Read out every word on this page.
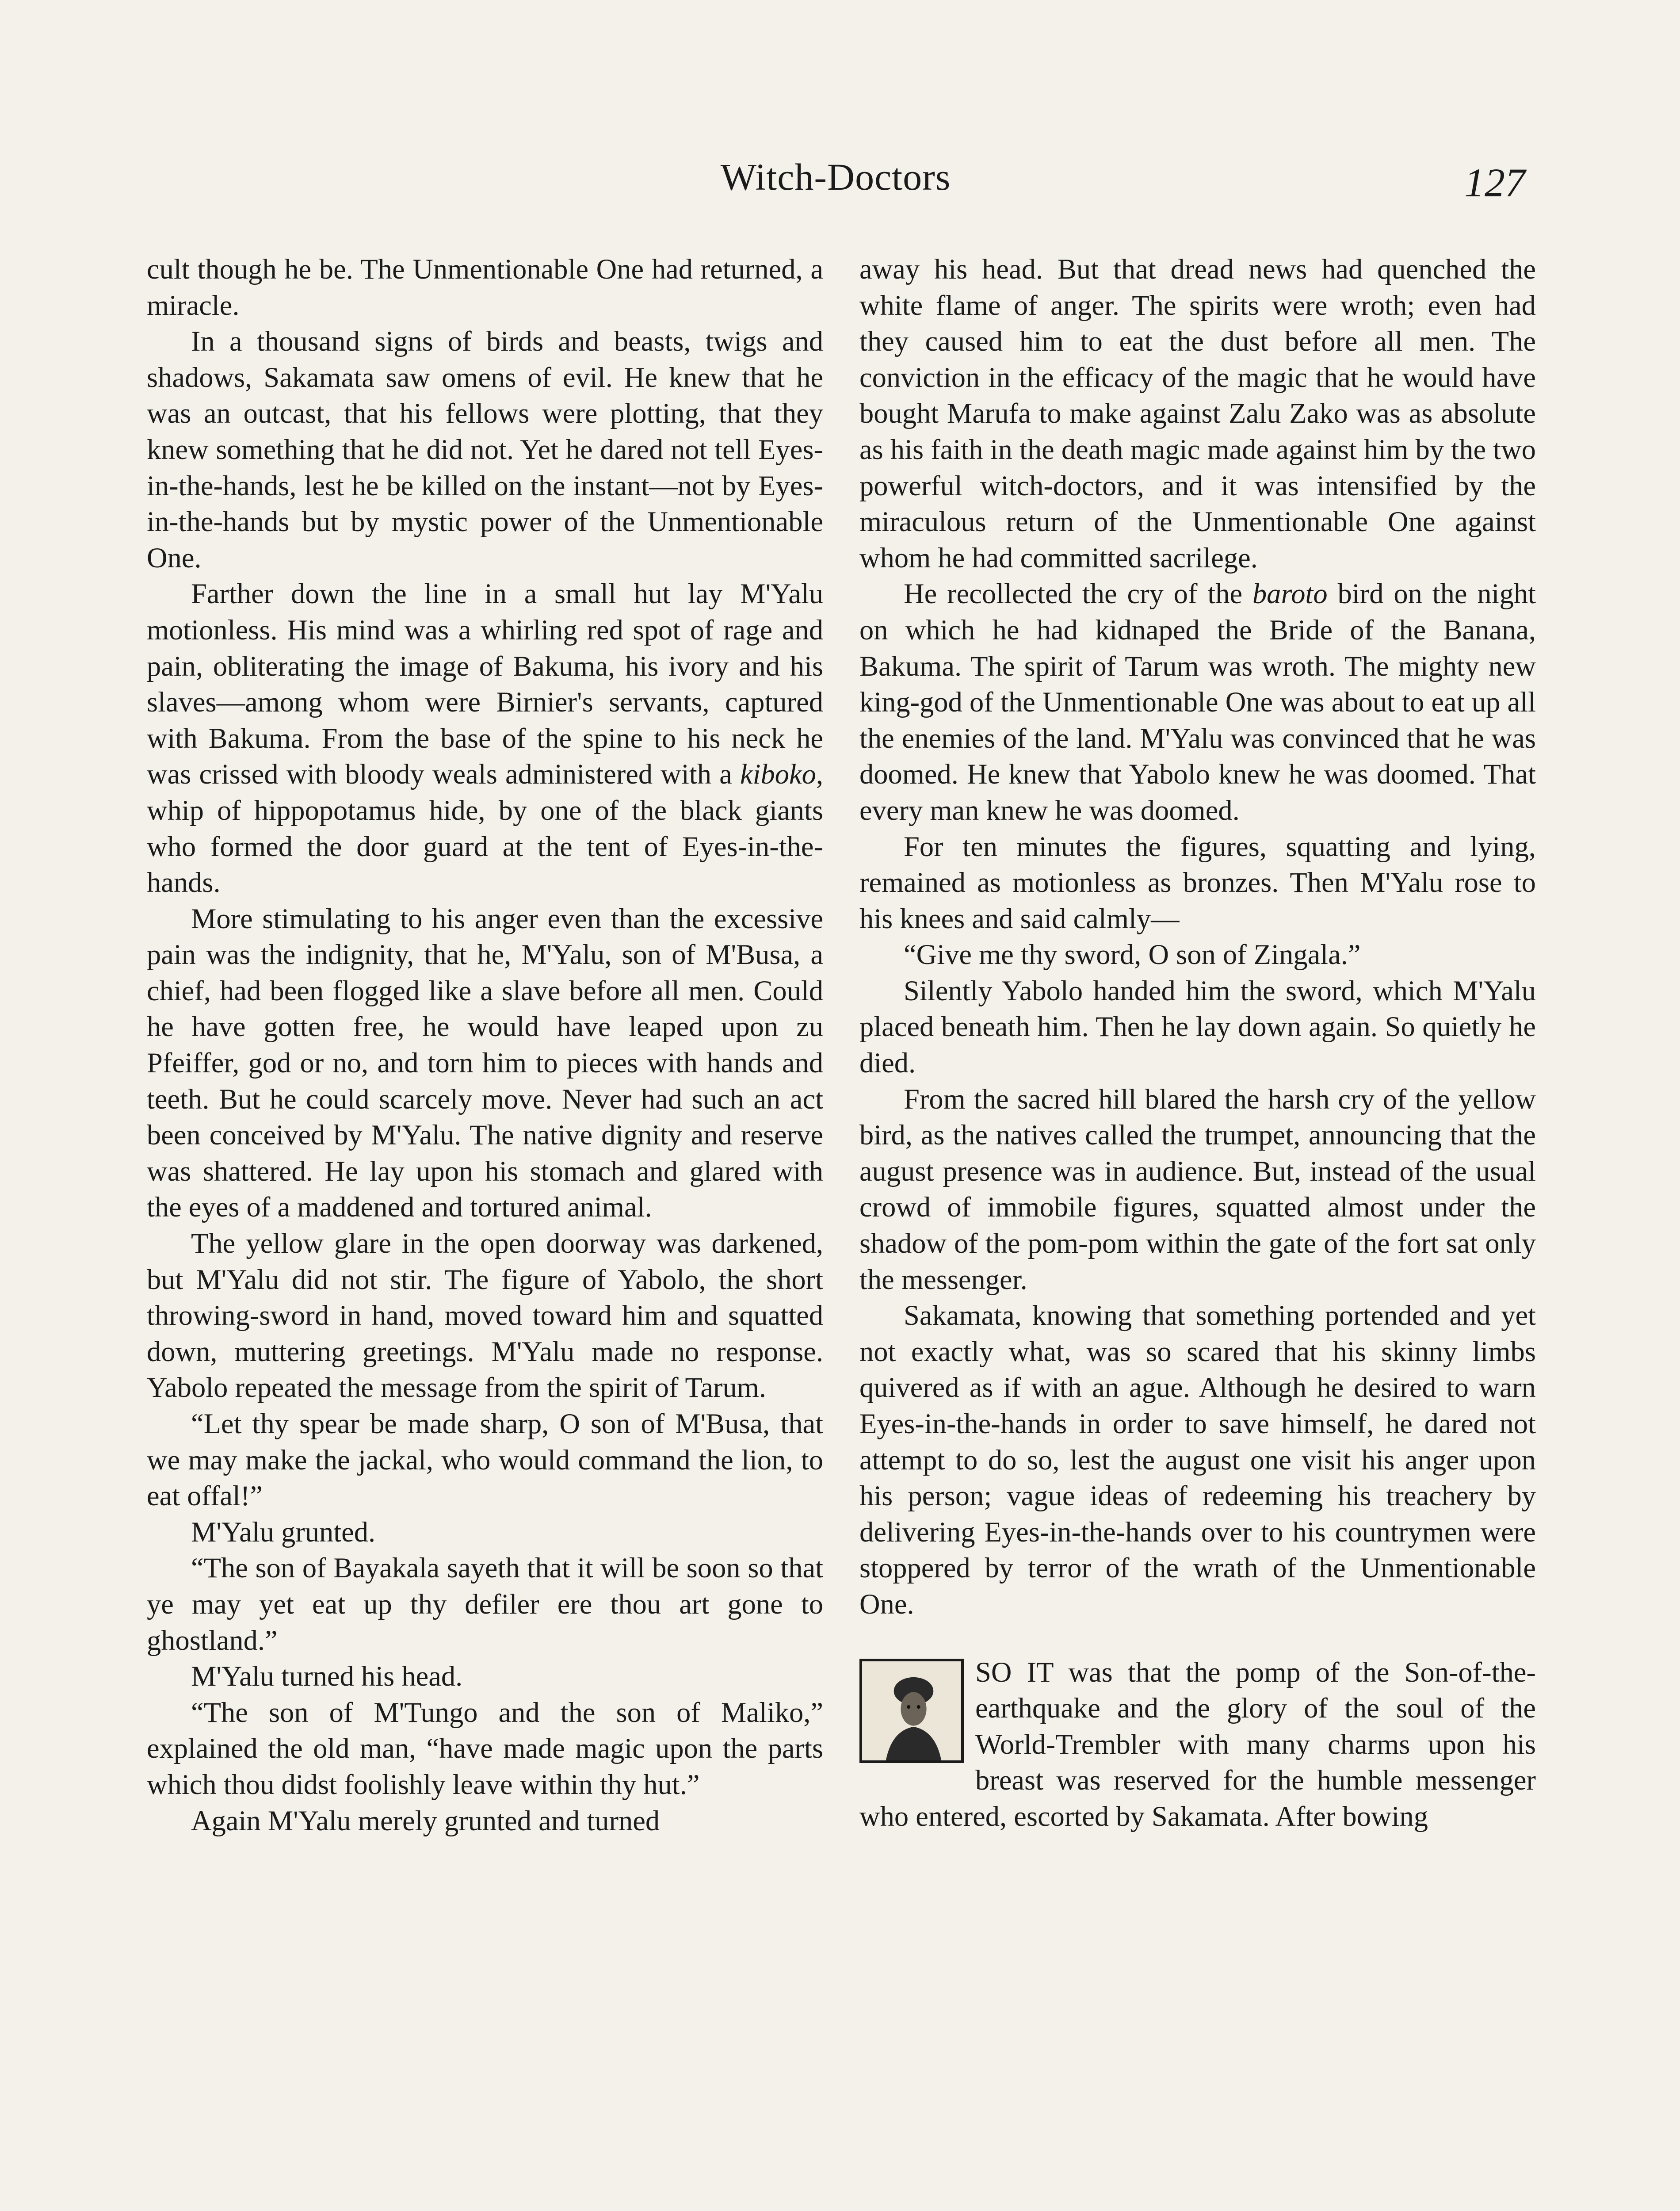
Witch-Doctors	127

cult though he be. The Unmentionable One had returned, a miracle.

In a thousand signs of birds and beasts, twigs and shadows, Sakamata saw omens of evil. He knew that he was an outcast, that his fellows were plotting, that they knew something that he did not. Yet he dared not tell Eyes-in-the-hands, lest he be killed on the instant—not by Eyes-in-the-hands but by mystic power of the Unmentionable One.

Farther down the line in a small hut lay M'Yalu motionless. His mind was a whirling red spot of rage and pain, obliterating the image of Bakuma, his ivory and his slaves—among whom were Birnier's servants, captured with Bakuma. From the base of the spine to his neck he was crissed with bloody weals administered with a kiboko, whip of hippopotamus hide, by one of the black giants who formed the door guard at the tent of Eyes-in-the-hands.

More stimulating to his anger even than the excessive pain was the indignity, that he, M'Yalu, son of M'Busa, a chief, had been flogged like a slave before all men. Could he have gotten free, he would have leaped upon zu Pfeiffer, god or no, and torn him to pieces with hands and teeth. But he could scarcely move. Never had such an act been conceived by M'Yalu. The native dignity and reserve was shattered. He lay upon his stomach and glared with the eyes of a maddened and tortured animal.

The yellow glare in the open doorway was darkened, but M'Yalu did not stir. The figure of Yabolo, the short throwing-sword in hand, moved toward him and squatted down, muttering greetings. M'Yalu made no response. Yabolo repeated the message from the spirit of Tarum.

“Let thy spear be made sharp, O son of M'Busa, that we may make the jackal, who would command the lion, to eat offal!”

M'Yalu grunted.

“The son of Bayakala sayeth that it will be soon so that ye may yet eat up thy defiler ere thou art gone to ghostland.”

M'Yalu turned his head.

“The son of M'Tungo and the son of Maliko,” explained the old man, “have made magic upon the parts which thou didst foolishly leave within thy hut.”

Again M'Yalu merely grunted and turned

away his head. But that dread news had quenched the white flame of anger. The spirits were wroth; even had they caused him to eat the dust before all men. The conviction in the efficacy of the magic that he would have bought Marufa to make against Zalu Zako was as absolute as his faith in the death magic made against him by the two powerful witch-doctors, and it was intensified by the miraculous return of the Unmentionable One against whom he had committed sacrilege.

He recollected the cry of the baroto bird on the night on which he had kidnaped the Bride of the Banana, Bakuma. The spirit of Tarum was wroth. The mighty new king-god of the Unmentionable One was about to eat up all the enemies of the land. M'Yalu was convinced that he was doomed. He knew that Yabolo knew he was doomed. That every man knew he was doomed.

For ten minutes the figures, squatting and lying, remained as motionless as bronzes. Then M'Yalu rose to his knees and said calmly—

“Give me thy sword, O son of Zingala.”

Silently Yabolo handed him the sword, which M'Yalu placed beneath him. Then he lay down again. So quietly he died.

From the sacred hill blared the harsh cry of the yellow bird, as the natives called the trumpet, announcing that the august presence was in audience. But, instead of the usual crowd of immobile figures, squatted almost under the shadow of the pom-pom within the gate of the fort sat only the messenger.

Sakamata, knowing that something portended and yet not exactly what, was so scared that his skinny limbs quivered as if with an ague. Although he desired to warn Eyes-in-the-hands in order to save himself, he dared not attempt to do so, lest the august one visit his anger upon his person; vague ideas of redeeming his treachery by delivering Eyes-in-the-hands over to his countrymen were stoppered by terror of the wrath of the Unmentionable One.

SO IT was that the pomp of the Son-of-the-earthquake and the glory of the soul of the World-Trembler with many charms upon his breast was reserved for the humble messenger who entered, escorted by Sakamata. After bowing
